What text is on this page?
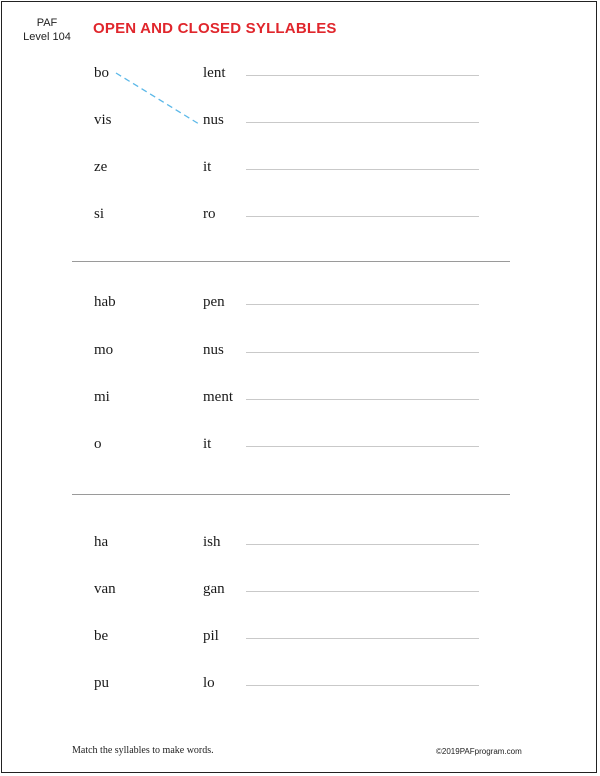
PAF
Level 104 OPEN AND CLOSED SYLLABLES
bo	lent
vis	nus
ze	it
si	ro
hab	pen
mo	nus
mi	ment
o	it
ha	ish
van	gan
be	pil
pu	lo
Match the syllables to make words.	©2019PAFprogram.com
